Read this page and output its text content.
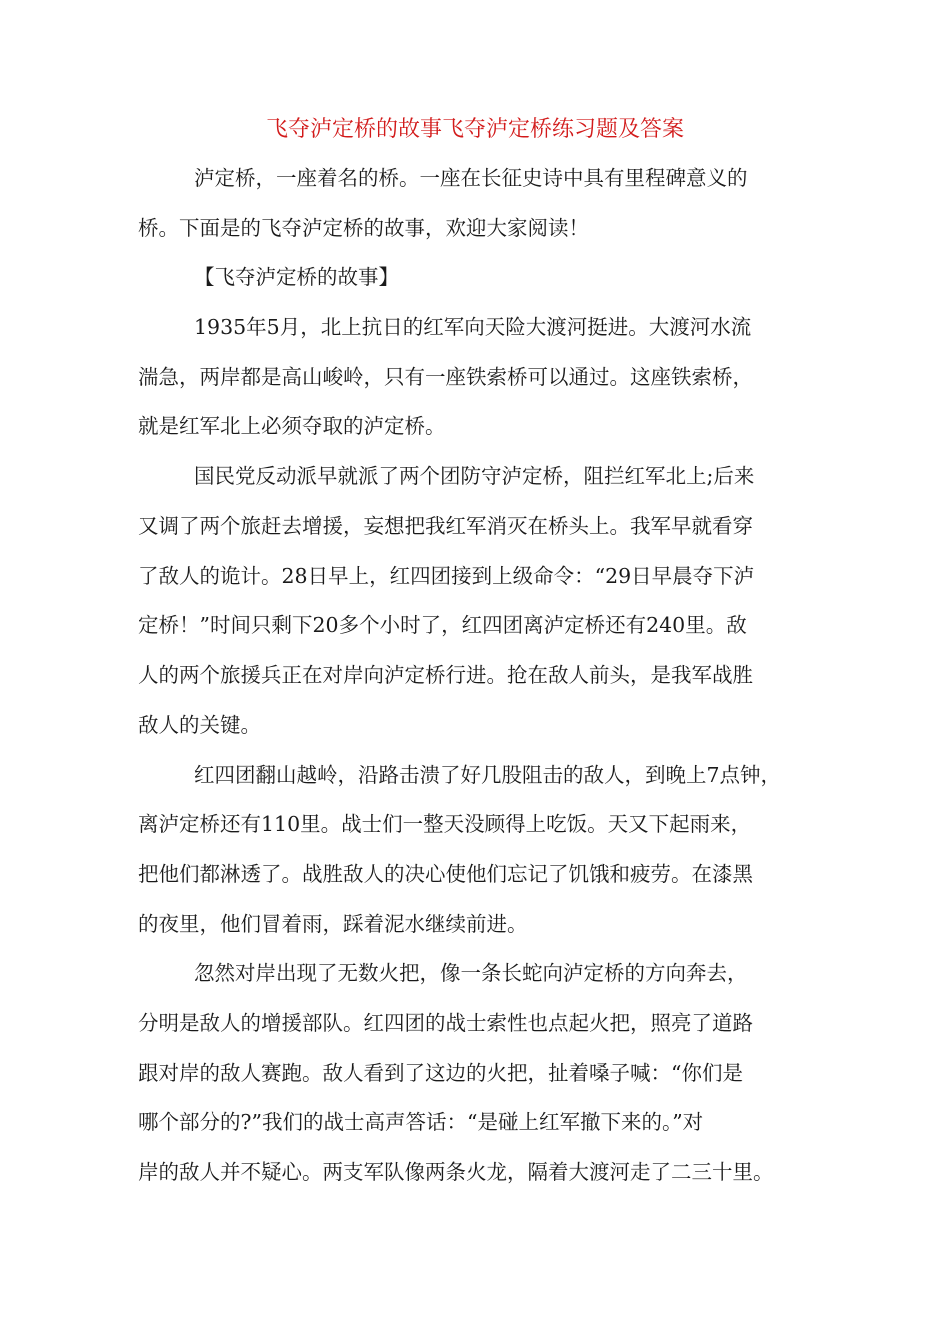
飞夺泸定桥的故事飞夺泸定桥练习题及答案
泸定桥，一座着名的桥。一座在长征史诗中具有里程碑意义的
桥。下面是的飞夺泸定桥的故事，欢迎大家阅读！
【飞夺泸定桥的故事】
1935年5月，北上抗日的红军向天险大渡河挺进。大渡河水流
湍急，两岸都是高山峻岭，只有一座铁索桥可以通过。这座铁索桥，
就是红军北上必须夺取的泸定桥。
国民党反动派早就派了两个团防守泸定桥，阻拦红军北上;后来
又调了两个旅赶去增援，妄想把我红军消灭在桥头上。我军早就看穿
了敌人的诡计。28日早上，红四团接到上级命令：“29日早晨夺下泸
定桥！”时间只剩下20多个小时了，红四团离泸定桥还有240里。敌
人的两个旅援兵正在对岸向泸定桥行进。抢在敌人前头，是我军战胜
敌人的关键。
红四团翻山越岭，沿路击溃了好几股阻击的敌人，到晚上7点钟，
离泸定桥还有110里。战士们一整天没顾得上吃饭。天又下起雨来，
把他们都淋透了。战胜敌人的决心使他们忘记了饥饿和疲劳。在漆黑
的夜里，他们冒着雨，踩着泥水继续前进。
忽然对岸出现了无数火把，像一条长蛇向泸定桥的方向奔去，
分明是敌人的增援部队。红四团的战士索性也点起火把，照亮了道路
跟对岸的敌人赛跑。敌人看到了这边的火把，扯着嗓子喊：“你们是
哪个部分的?”我们的战士高声答话：“是碰上红军撤下来的。”对
岸的敌人并不疑心。两支军队像两条火龙，隔着大渡河走了二三十里。
